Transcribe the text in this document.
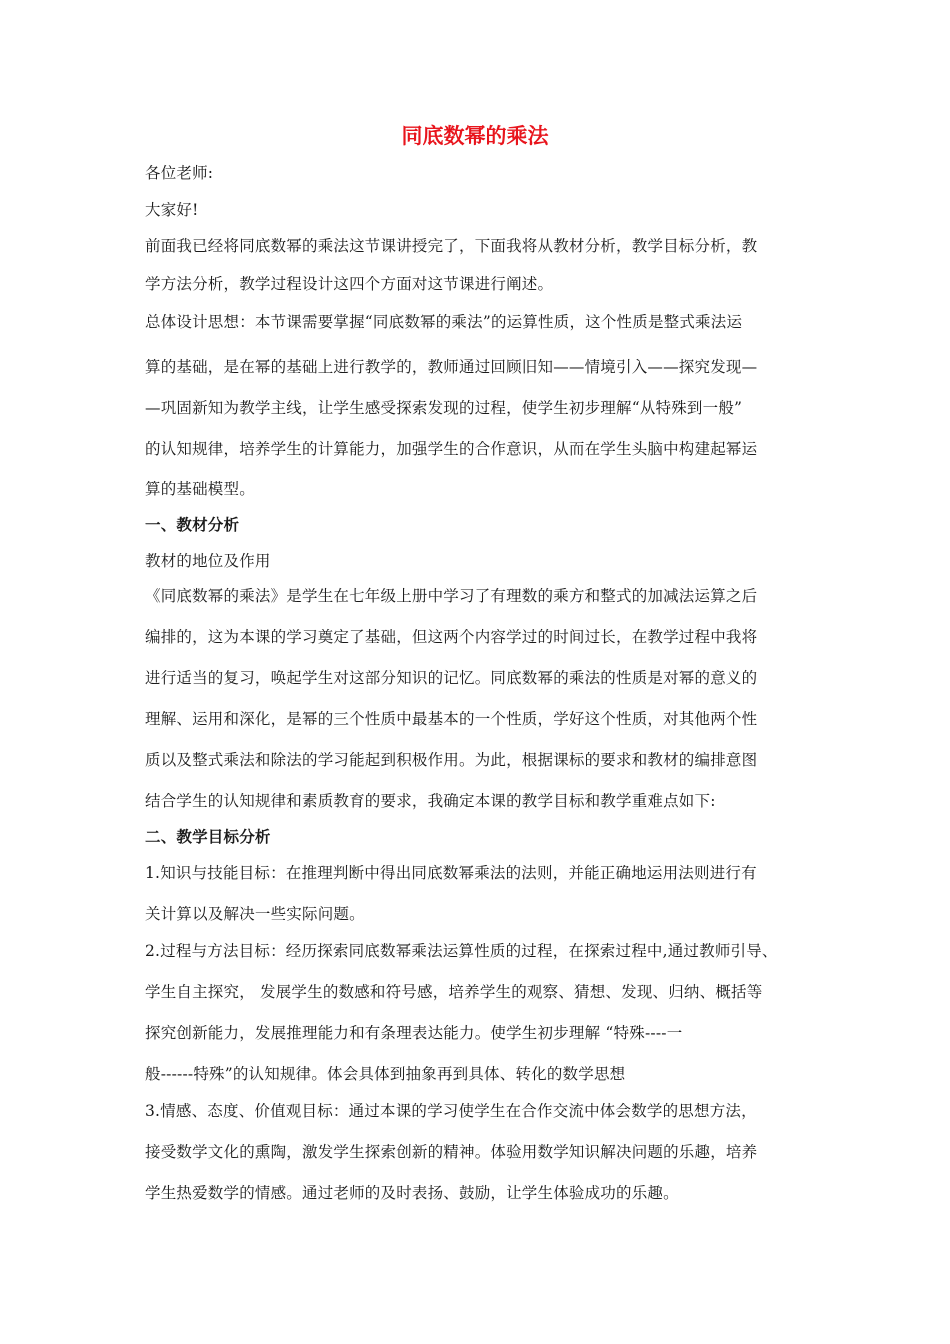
同底数幂的乘法
各位老师:
大家好!
前面我已经将同底数幂的乘法这节课讲授完了，下面我将从教材分析，教学目标分析，教
学方法分析，教学过程设计这四个方面对这节课进行阐述。
总体设计思想：本节课需要掌握“同底数幂的乘法”的运算性质，这个性质是整式乘法运
算的基础，是在幂的基础上进行教学的，教师通过回顾旧知——情境引入——探究发现—
—巩固新知为教学主线，让学生感受探索发现的过程，使学生初步理解“从特殊到一般”
的认知规律，培养学生的计算能力，加强学生的合作意识，从而在学生头脑中构建起幂运
算的基础模型。
一、教材分析
教材的地位及作用
《同底数幂的乘法》是学生在七年级上册中学习了有理数的乘方和整式的加减法运算之后
编排的，这为本课的学习奠定了基础，但这两个内容学过的时间过长，在教学过程中我将
进行适当的复习，唤起学生对这部分知识的记忆。同底数幂的乘法的性质是对幂的意义的
理解、运用和深化，是幂的三个性质中最基本的一个性质，学好这个性质，对其他两个性
质以及整式乘法和除法的学习能起到积极作用。为此，根据课标的要求和教材的编排意图
结合学生的认知规律和素质教育的要求，我确定本课的教学目标和教学重难点如下:
二、教学目标分析
1.知识与技能目标：在推理判断中得出同底数幂乘法的法则，并能正确地运用法则进行有
关计算以及解决一些实际问题。
2.过程与方法目标：经历探索同底数幂乘法运算性质的过程，在探索过程中,通过教师引导、
学生自主探究， 发展学生的数感和符号感，培养学生的观察、猜想、发现、归纳、概括等
探究创新能力，发展推理能力和有条理表达能力。使学生初步理解 “特殊----一
般------特殊”的认知规律。体会具体到抽象再到具体、转化的数学思想
3.情感、态度、价值观目标：通过本课的学习使学生在合作交流中体会数学的思想方法，
接受数学文化的熏陶，激发学生探索创新的精神。体验用数学知识解决问题的乐趣，培养
学生热爱数学的情感。通过老师的及时表扬、鼓励，让学生体验成功的乐趣。
